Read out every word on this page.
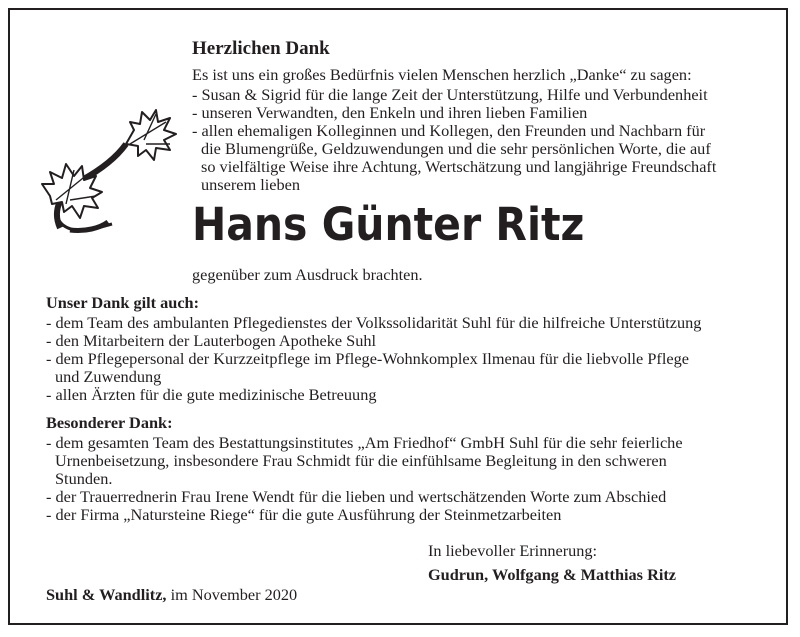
Herzlichen Dank
Es ist uns ein großes Bedürfnis vielen Menschen herzlich „Danke“ zu sagen:
- Susan & Sigrid für die lange Zeit der Unterstützung, Hilfe und Verbundenheit
- unseren Verwandten, den Enkeln und ihren lieben Familien
- allen ehemaligen Kolleginnen und Kollegen, den Freunden und Nachbarn für
die Blumengrüße, Geldzuwendungen und die sehr persönlichen Worte, die auf
so vielfältige Weise ihre Achtung, Wertschätzung und langjährige Freundschaft
unserem lieben
Hans Günter Ritz
gegenüber zum Ausdruck brachten.
Unser Dank gilt auch:
- dem Team des ambulanten Pflegedienstes der Volkssolidarität Suhl für die hilfreiche Unterstützung
- den Mitarbeitern der Lauterbogen Apotheke Suhl
- dem Pflegepersonal der Kurzzeitpflege im Pflege-Wohnkomplex Ilmenau für die liebvolle Pflege
und Zuwendung
- allen Ärzten für die gute medizinische Betreuung
Besonderer Dank:
- dem gesamten Team des Bestattungsinstitutes „Am Friedhof“ GmbH Suhl für die sehr feierliche
Urnenbeisetzung, insbesondere Frau Schmidt für die einfühlsame Begleitung in den schweren
Stunden.
- der Trauerrednerin Frau Irene Wendt für die lieben und wertschätzenden Worte zum Abschied
- der Firma „Natursteine Riege“ für die gute Ausführung der Steinmetzarbeiten
In liebevoller Erinnerung:
Gudrun, Wolfgang & Matthias Ritz
Suhl & Wandlitz, im November 2020
